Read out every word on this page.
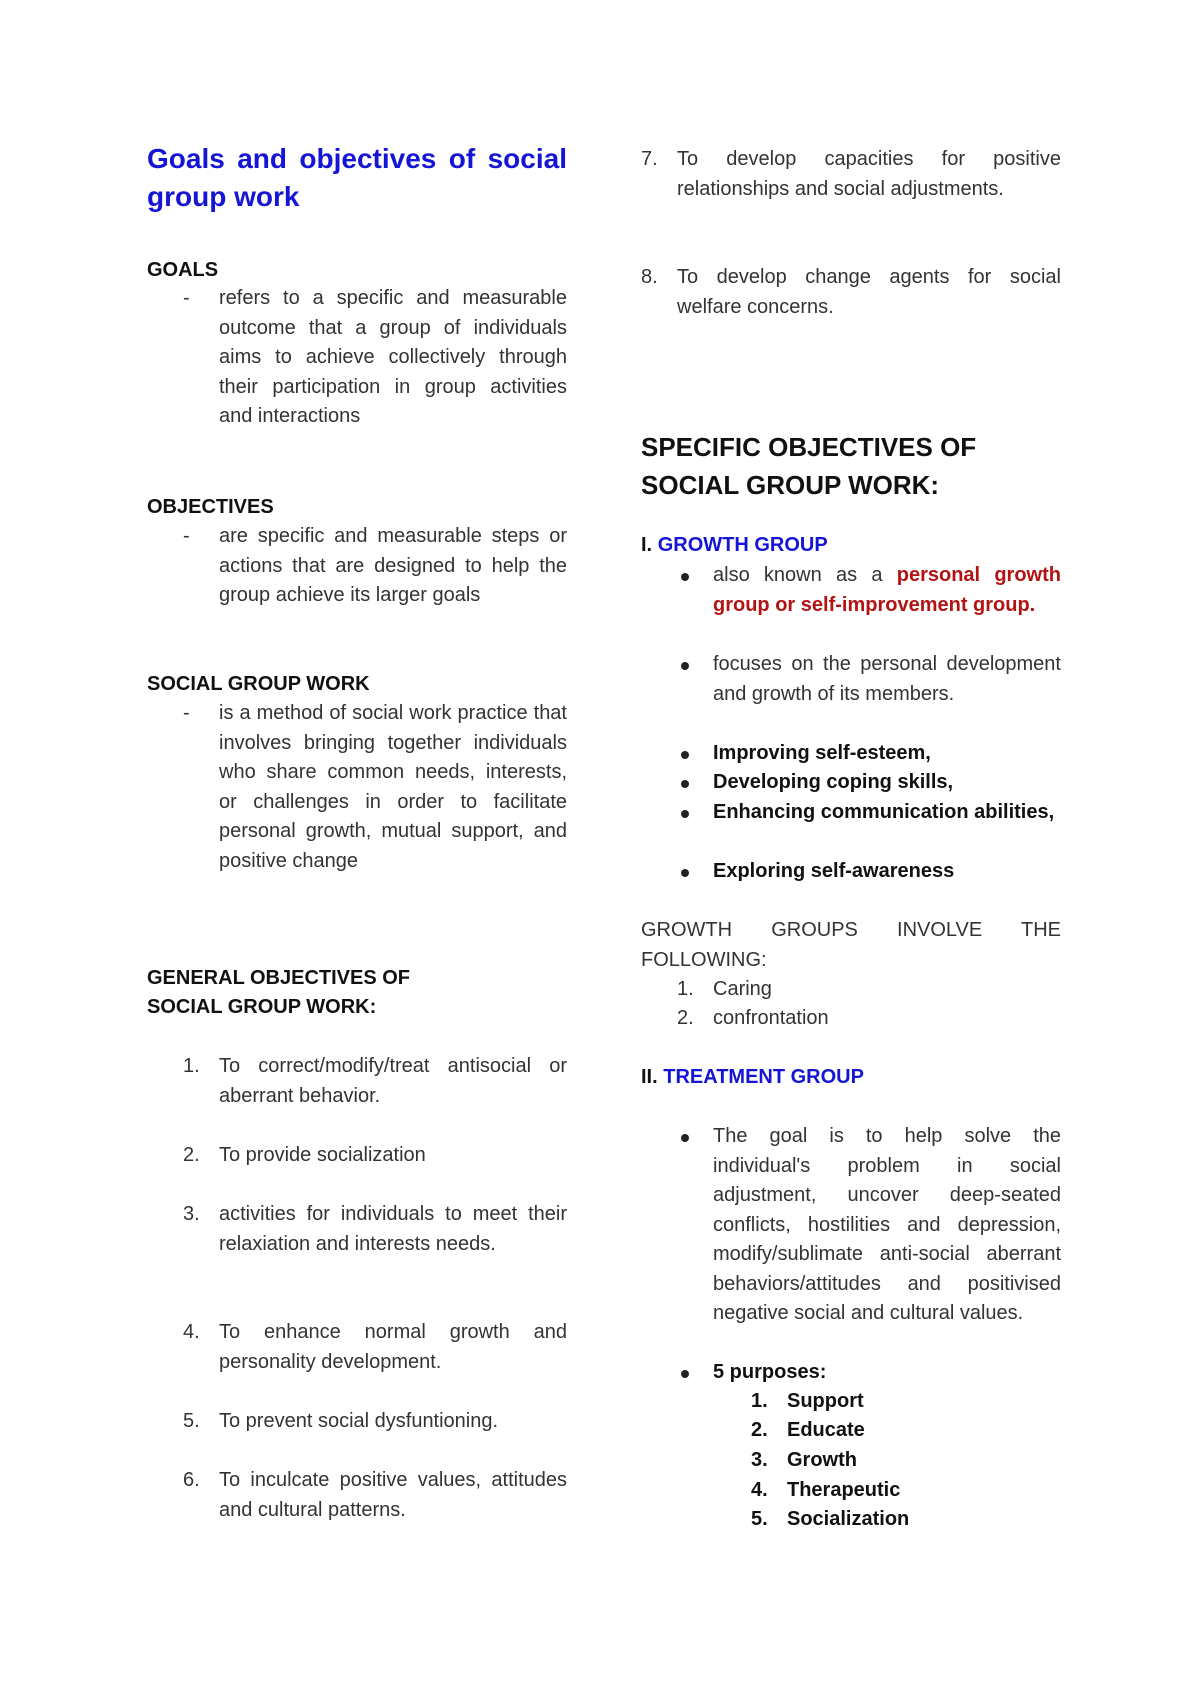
Goals and objectives of social group work
GOALS
- refers to a specific and measurable outcome that a group of individuals aims to achieve collectively through their participation in group activities and interactions
OBJECTIVES
- are specific and measurable steps or actions that are designed to help the group achieve its larger goals
SOCIAL GROUP WORK
- is a method of social work practice that involves bringing together individuals who share common needs, interests, or challenges in order to facilitate personal growth, mutual support, and positive change
GENERAL OBJECTIVES OF
SOCIAL GROUP WORK:
1. To correct/modify/treat antisocial or aberrant behavior.
2. To provide socialization
3. activities for individuals to meet their relaxiation and interests needs.
4. To enhance normal growth and personality development.
5. To prevent social dysfuntioning.
6. To inculcate positive values, attitudes and cultural patterns.
7. To develop capacities for positive relationships and social adjustments.
8. To develop change agents for social welfare concerns.
SPECIFIC OBJECTIVES OF
SOCIAL GROUP WORK:
I. GROWTH GROUP
also known as a personal growth group or self-improvement group.
focuses on the personal development and growth of its members.
Improving self-esteem,
Developing coping skills,
Enhancing communication abilities,
Exploring self-awareness
GROWTH GROUPS INVOLVE THE FOLLOWING:
1. Caring
2. confrontation
II. TREATMENT GROUP
The goal is to help solve the individual's problem in social adjustment, uncover deep-seated conflicts, hostilities and depression, modify/sublimate anti-social aberrant behaviors/attitudes and positivised negative social and cultural values.
5 purposes:
1. Support
2. Educate
3. Growth
4. Therapeutic
5. Socialization
